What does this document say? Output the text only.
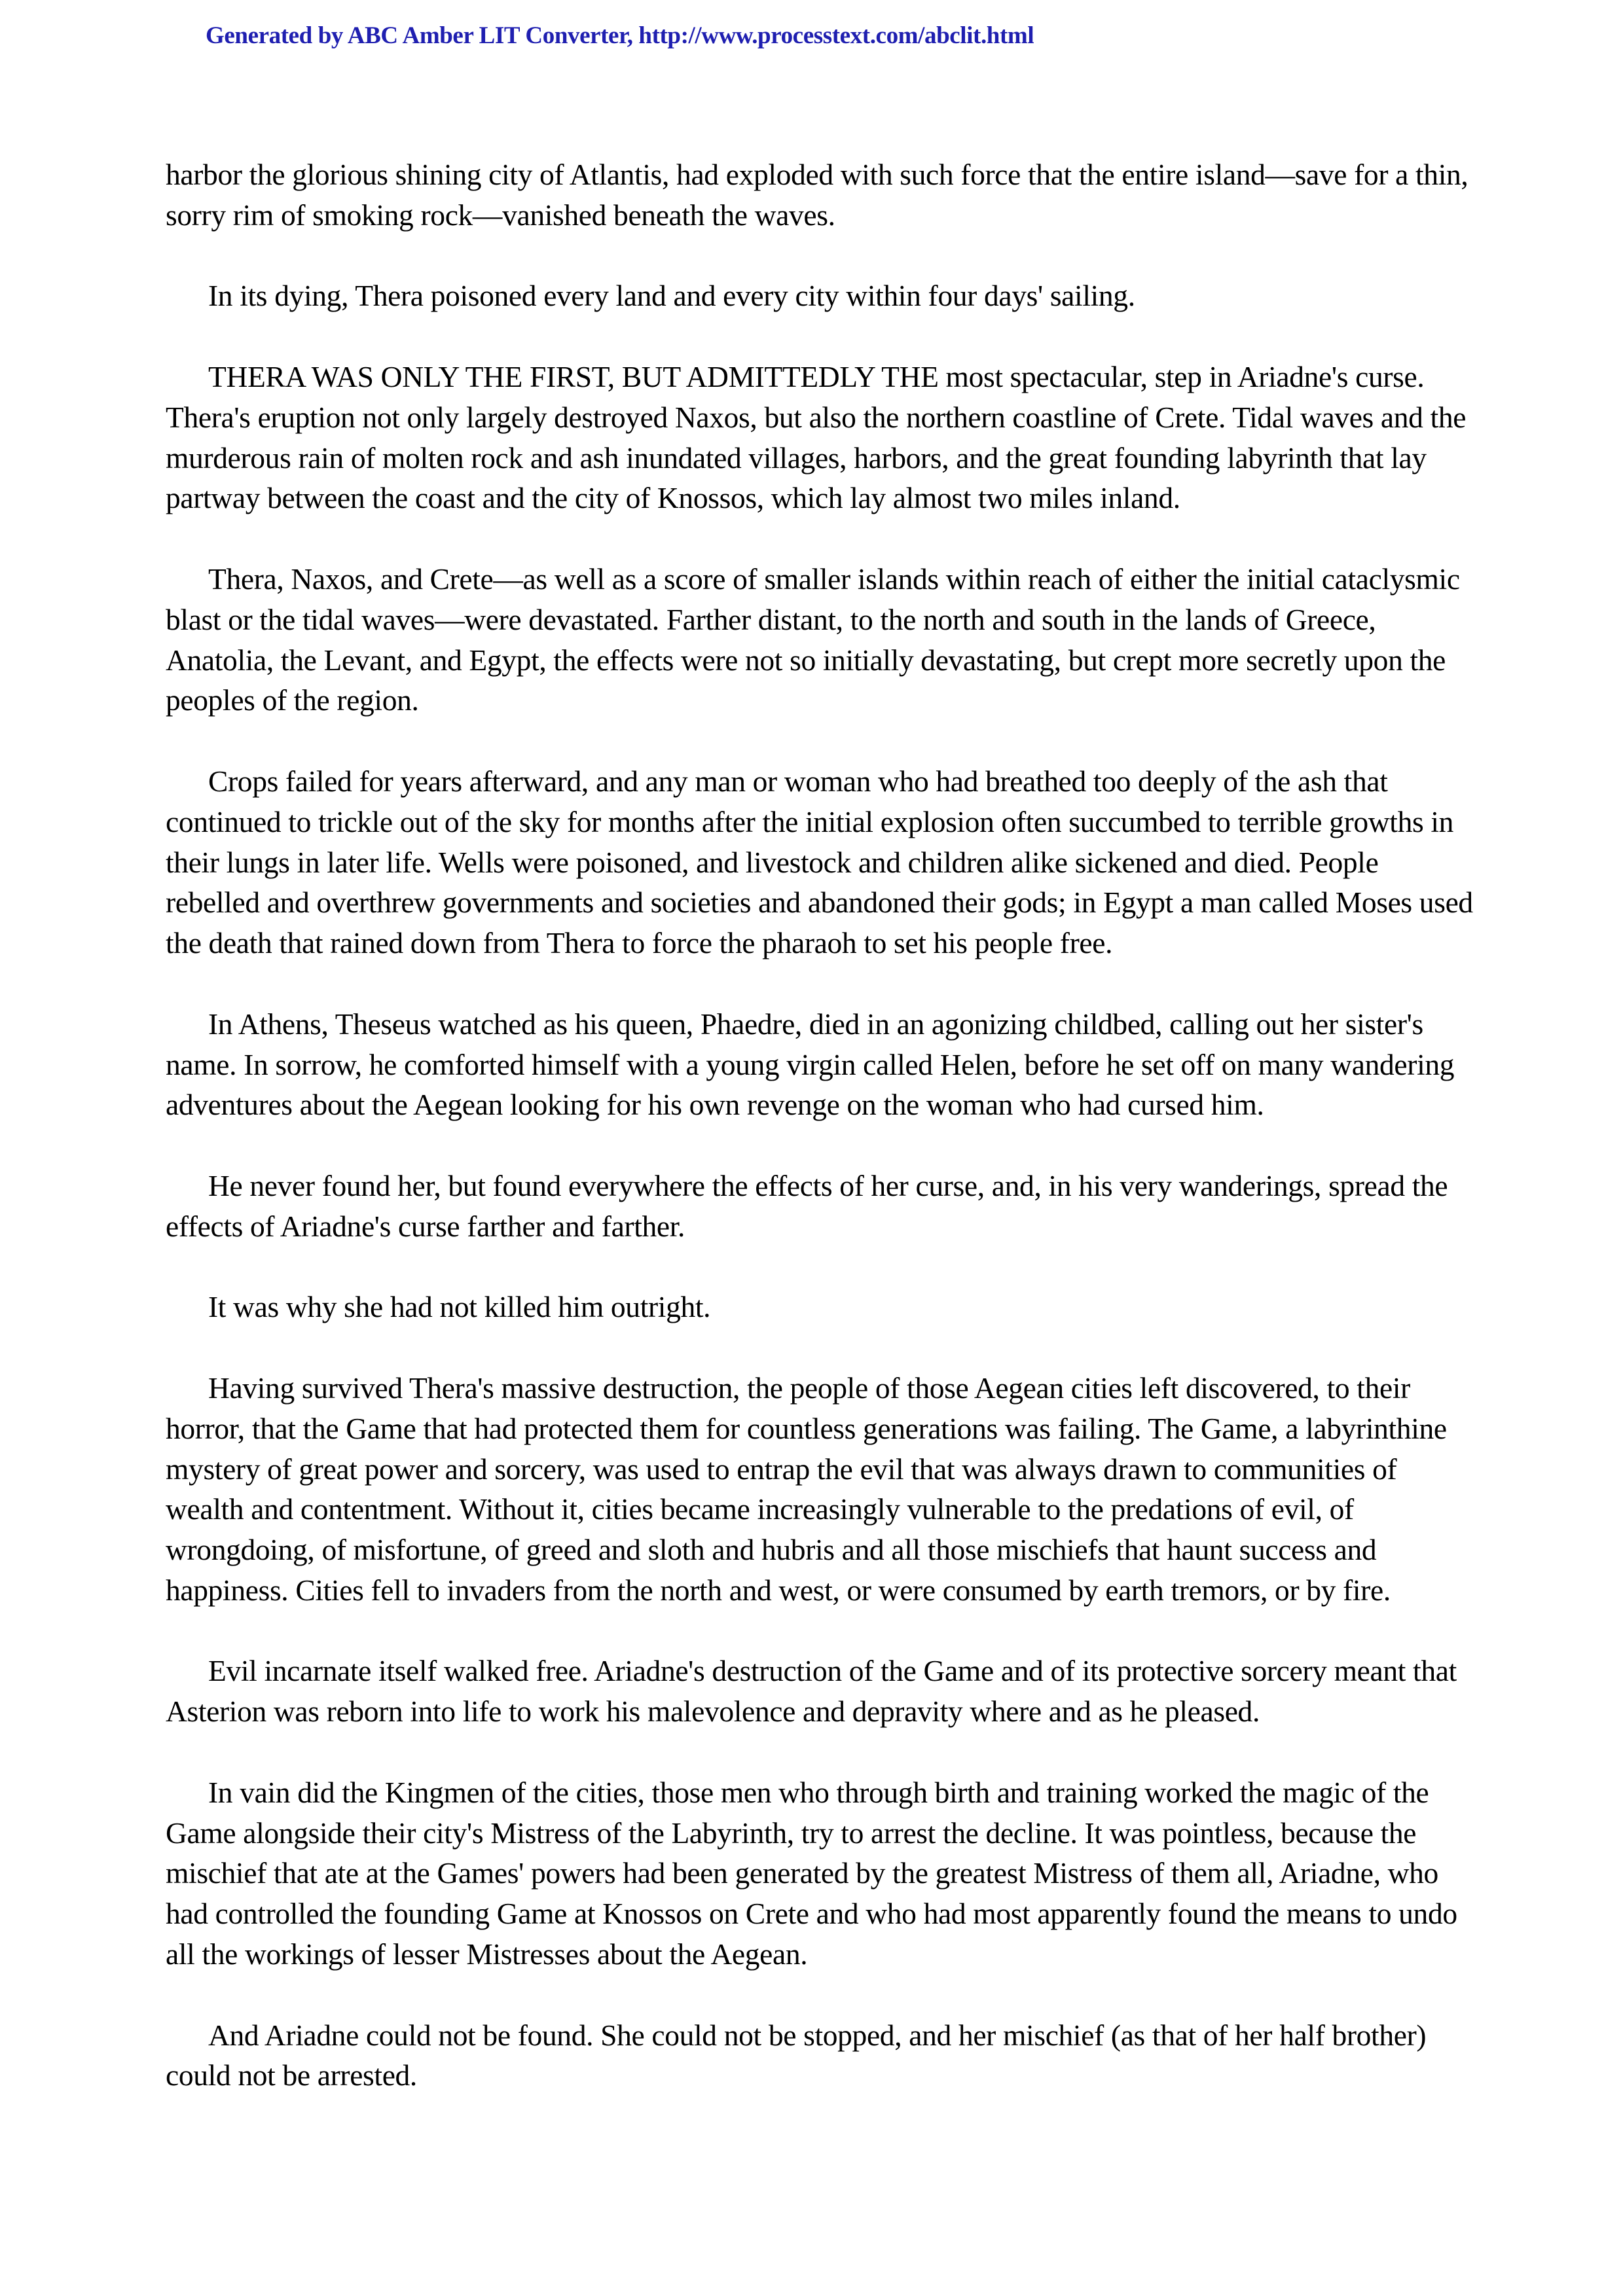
Generated by ABC Amber LIT Converter, http://www.processtext.com/abclit.html

harbor the glorious shining city of Atlantis, had exploded with such force that the entire island—save for a thin, sorry rim of smoking rock—vanished beneath the waves.

In its dying, Thera poisoned every land and every city within four days' sailing.

THERA WAS ONLY THE FIRST, BUT ADMITTEDLY THE most spectacular, step in Ariadne's curse. Thera's eruption not only largely destroyed Naxos, but also the northern coastline of Crete. Tidal waves and the murderous rain of molten rock and ash inundated villages, harbors, and the great founding labyrinth that lay partway between the coast and the city of Knossos, which lay almost two miles inland.

Thera, Naxos, and Crete—as well as a score of smaller islands within reach of either the initial cataclysmic blast or the tidal waves—were devastated. Farther distant, to the north and south in the lands of Greece, Anatolia, the Levant, and Egypt, the effects were not so initially devastating, but crept more secretly upon the peoples of the region.

Crops failed for years afterward, and any man or woman who had breathed too deeply of the ash that continued to trickle out of the sky for months after the initial explosion often succumbed to terrible growths in their lungs in later life. Wells were poisoned, and livestock and children alike sickened and died. People rebelled and overthrew governments and societies and abandoned their gods; in Egypt a man called Moses used the death that rained down from Thera to force the pharaoh to set his people free.

In Athens, Theseus watched as his queen, Phaedre, died in an agonizing childbed, calling out her sister's name. In sorrow, he comforted himself with a young virgin called Helen, before he set off on many wandering adventures about the Aegean looking for his own revenge on the woman who had cursed him.

He never found her, but found everywhere the effects of her curse, and, in his very wanderings, spread the effects of Ariadne's curse farther and farther.

It was why she had not killed him outright.

Having survived Thera's massive destruction, the people of those Aegean cities left discovered, to their horror, that the Game that had protected them for countless generations was failing. The Game, a labyrinthine mystery of great power and sorcery, was used to entrap the evil that was always drawn to communities of wealth and contentment. Without it, cities became increasingly vulnerable to the predations of evil, of wrongdoing, of misfortune, of greed and sloth and hubris and all those mischiefs that haunt success and happiness. Cities fell to invaders from the north and west, or were consumed by earth tremors, or by fire.

Evil incarnate itself walked free. Ariadne's destruction of the Game and of its protective sorcery meant that Asterion was reborn into life to work his malevolence and depravity where and as he pleased.

In vain did the Kingmen of the cities, those men who through birth and training worked the magic of the Game alongside their city's Mistress of the Labyrinth, try to arrest the decline. It was pointless, because the mischief that ate at the Games' powers had been generated by the greatest Mistress of them all, Ariadne, who had controlled the founding Game at Knossos on Crete and who had most apparently found the means to undo all the workings of lesser Mistresses about the Aegean.

And Ariadne could not be found. She could not be stopped, and her mischief (as that of her half brother) could not be arrested.
